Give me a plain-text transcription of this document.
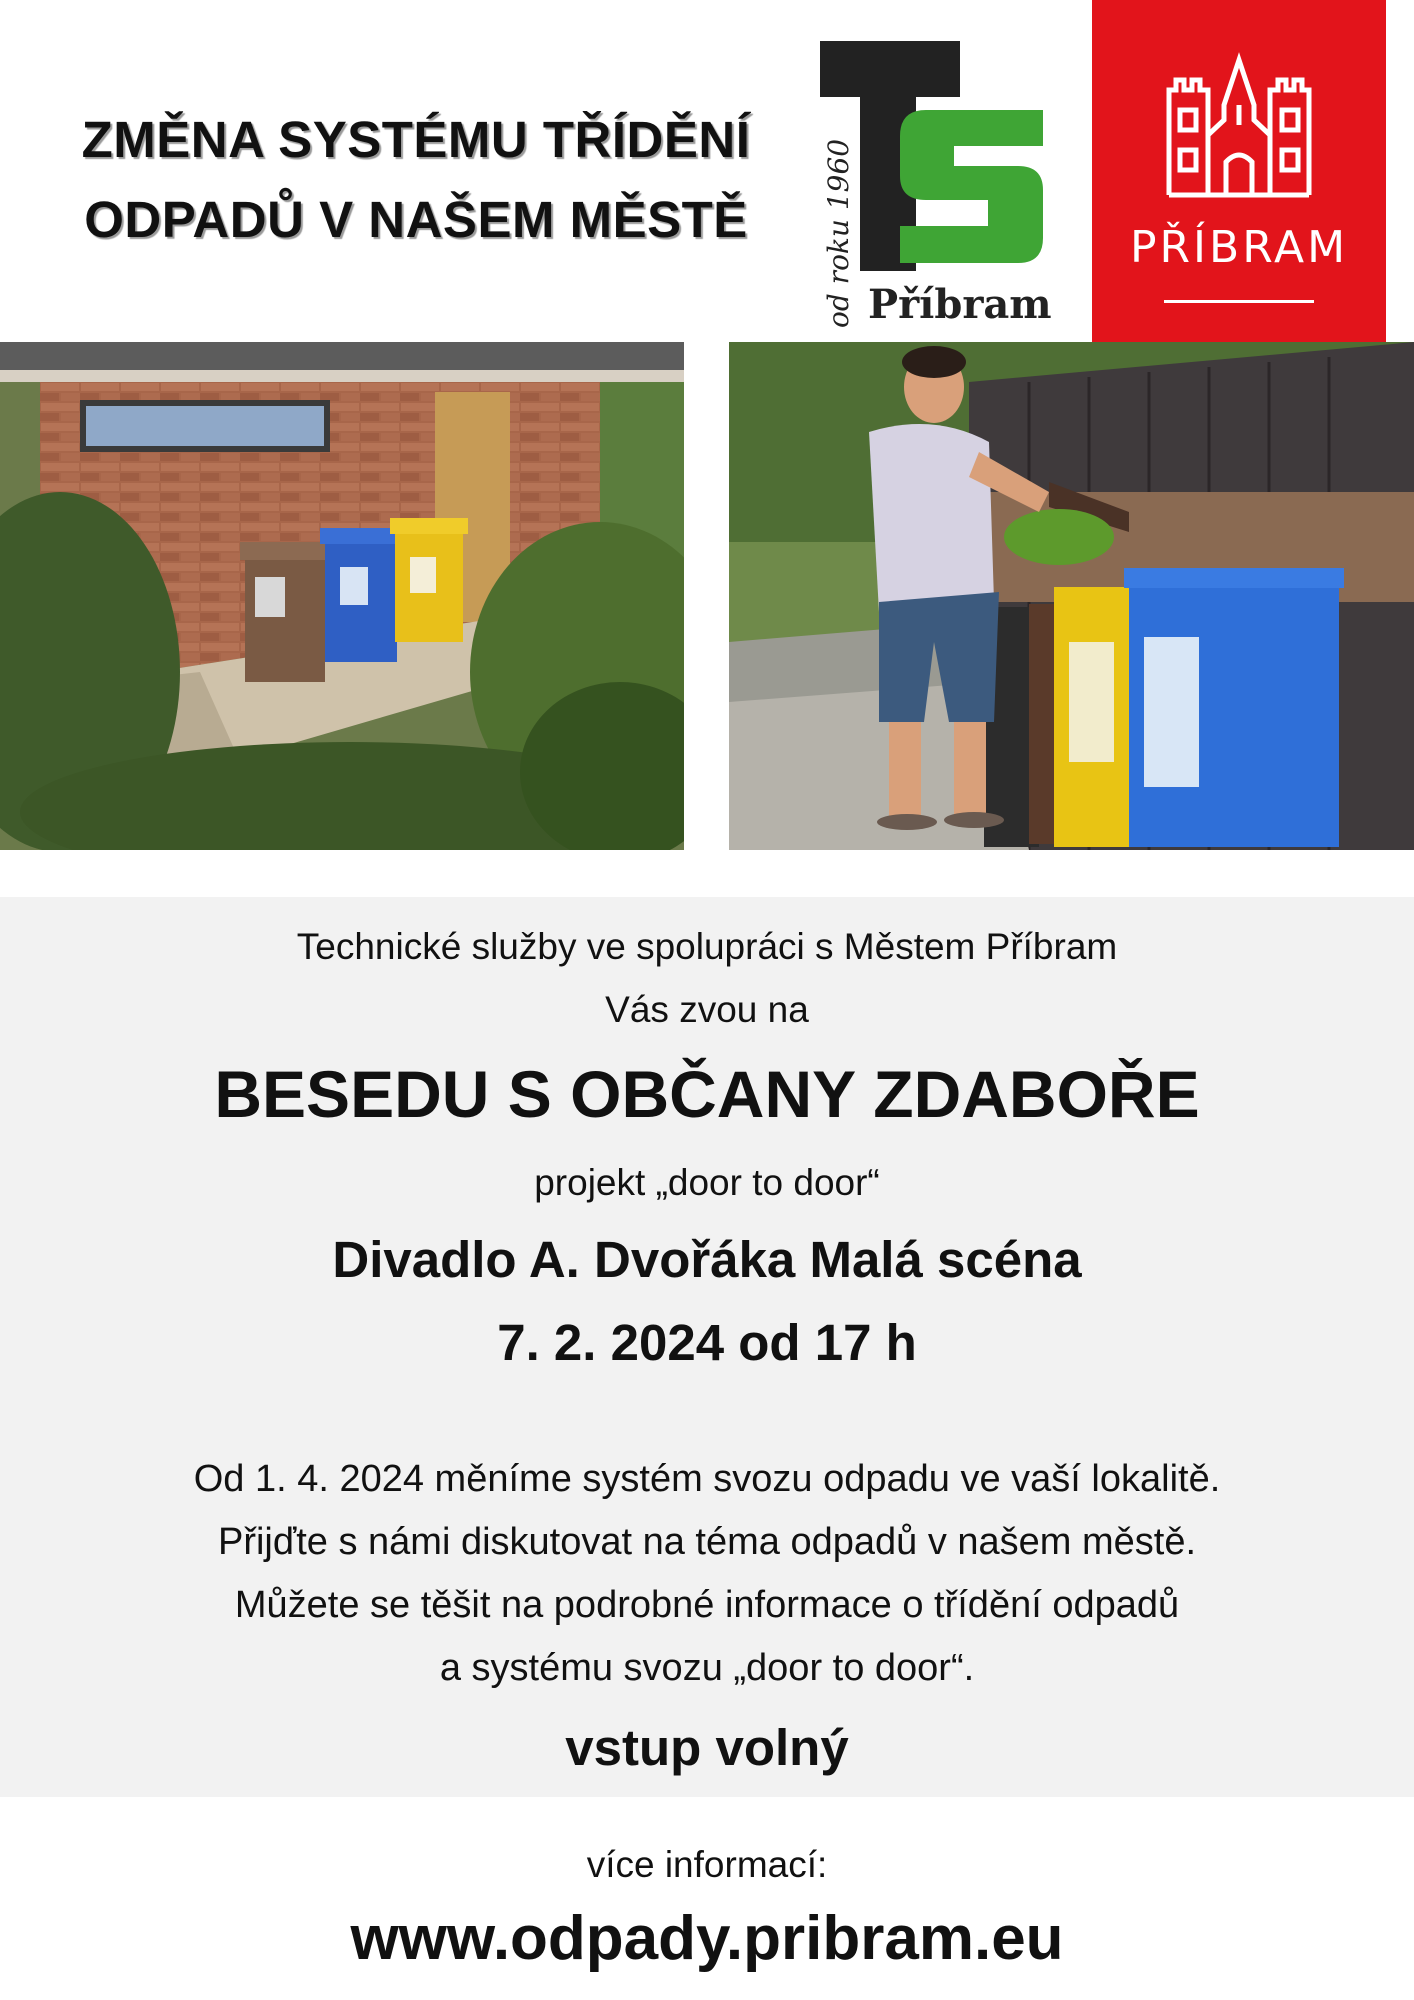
ZMĚNA SYSTÉMU TŘÍDĚNÍ
ODPADŮ V NAŠEM MĚSTĚ	od roku 1960 Příbram
PŘÍBRAM
Technické služby ve spolupráci s Městem Příbram
Vás zvou na
BESEDU S OBČANY ZDABOŘE
projekt „door to door“
Divadlo A. Dvořáka Malá scéna
7. 2. 2024 od 17 h
Od 1. 4. 2024 měníme systém svozu odpadu ve vaší lokalitě.
Přijďte s námi diskutovat na téma odpadů v našem městě.
Můžete se těšit na podrobné informace o třídění odpadů
a systému svozu „door to door“.
vstup volný
více informací:
www.odpady.pribram.eu
